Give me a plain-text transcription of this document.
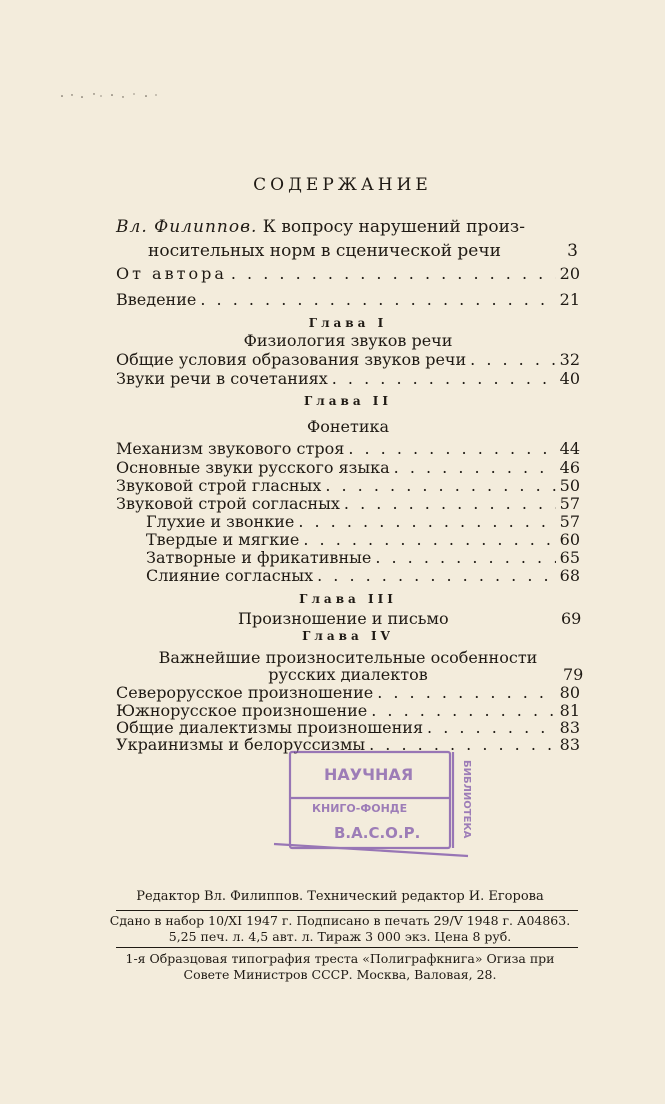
СОДЕРЖАНИЕ
Вл. Филиппов. К вопросу нарушений произ-
носительных норм в сценической речи	3
От автора . . .	20
Введение . . .	21
Глава I
Физиология звуков речи
Общие условия образования звуков речи . . .	32
Звуки речи в сочетаниях . . .	40
Глава II
Фонетика
Механизм звукового строя . . .	44
Основные звуки русского языка . . .	46
Звуковой строй гласных . . .	50
Звуковой строй согласных . . .	57
Глухие и звонкие . . .	57
Твердые и мягкие . . .	60
Затворные и фрикативные . . .	65
Слияние согласных . . .	68
Глава III
Произношение и письмо	69
Глава IV
Важнейшие произносительные особенности
русских диалектов	79
Северорусское произношение . . .	80
Южнорусское произношение . . .	81
Общие диалектизмы произношения . . .	83
Украинизмы и белоруссизмы . . .	83
НАУЧНАЯ
КНИГО-ФОНДЕ
В.А.С.О.Р.	БИБЛИОТЕКА
Редактор Вл. Филиппов. Технический редактор И. Егорова
Сдано в набор 10/XI 1947 г. Подписано в печать 29/V 1948 г. А04863.
5,25 печ. л. 4,5 авт. л. Тираж 3 000 экз. Цена 8 руб.
1-я Образцовая типография треста «Полиграфкнига» Огиза при
Совете Министров СССР. Москва, Валовая, 28.
